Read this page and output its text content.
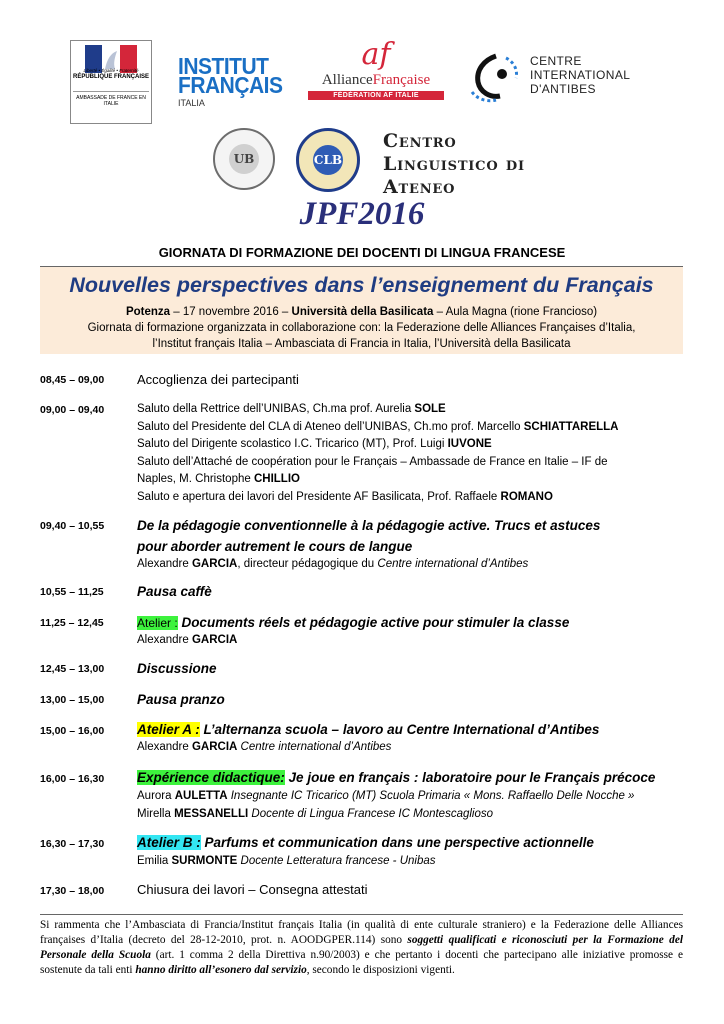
Liberté • Égalité • Fraternité
RÉPUBLIQUE FRANÇAISE
AMBASSADE DE FRANCE EN ITALIE
INSTITUT
FRANÇAIS
ITALIA
af
AllianceFrançaise
FÉDÉRATION AF ITALIE
CENTRE
INTERNATIONAL
D'ANTIBES
UB	CLB
Centro
Linguistico di
Ateneo
JPF2016
GIORNATA DI FORMAZIONE DEI DOCENTI DI LINGUA FRANCESE
Nouvelles perspectives dans l’enseignement du Français
Potenza – 17 novembre 2016 – Università della Basilicata – Aula Magna (rione Francioso)
Giornata di formazione organizzata in collaborazione con: la Federazione delle Alliances Françaises d’Italia,
l’Institut français Italia – Ambasciata di Francia in Italia, l’Università della Basilicata
08,45 – 09,00	Accoglienza dei partecipanti
09,00 – 09,40	Saluto della Rettrice dell’UNIBAS, Ch.ma prof. Aurelia SOLE
Saluto del Presidente del CLA di Ateneo dell’UNIBAS, Ch.mo prof. Marcello SCHIATTARELLA
Saluto del Dirigente scolastico I.C. Tricarico (MT), Prof. Luigi IUVONE
Saluto dell’Attaché de coopération pour le Français – Ambassade de France en Italie – IF de
Naples, M. Christophe CHILLIO
Saluto e apertura dei lavori del Presidente AF Basilicata, Prof. Raffaele ROMANO
09,40 – 10,55 De la pédagogie conventionnelle à la pédagogie active. Trucs et astuces
pour aborder autrement le cours de langue
Alexandre GARCIA, directeur pédagogique du Centre international d’Antibes
10,55 – 11,25 Pausa caffè
11,25 – 12,45	Atelier : Documents réels et pédagogie active pour stimuler la classe
Alexandre GARCIA
12,45 – 13,00 Discussione
13,00 – 15,00 Pausa pranzo
15,00 – 16,00 Atelier A : L’alternanza scuola – lavoro au Centre International d’Antibes
Alexandre GARCIA Centre international d’Antibes
16,00 – 16,30 Expérience didactique: Je joue en français : laboratoire pour le Français précoce
Aurora AULETTA Insegnante IC Tricarico (MT) Scuola Primaria « Mons. Raffaello Delle Nocche »
Mirella MESSANELLI Docente di Lingua Francese IC Montescaglioso
16,30 – 17,30 Atelier B : Parfums et communication dans une perspective actionnelle
Emilia SURMONTE Docente Letteratura francese - Unibas
17,30 – 18,00	Chiusura dei lavori – Consegna attestati
Si rammenta che l’Ambasciata di Francia/Institut français Italia (in qualità di ente culturale straniero) e la Federazione delle Alliances françaises d’Italia (decreto del 28-12-2010, prot. n. AOODGPER.114) sono soggetti qualificati e riconosciuti per la Formazione del Personale della Scuola (art. 1 comma 2 della Direttiva n.90/2003) e che pertanto i docenti che partecipano alle iniziative promosse e sostenute da tali enti hanno diritto all’esonero dal servizio, secondo le disposizioni vigenti.
